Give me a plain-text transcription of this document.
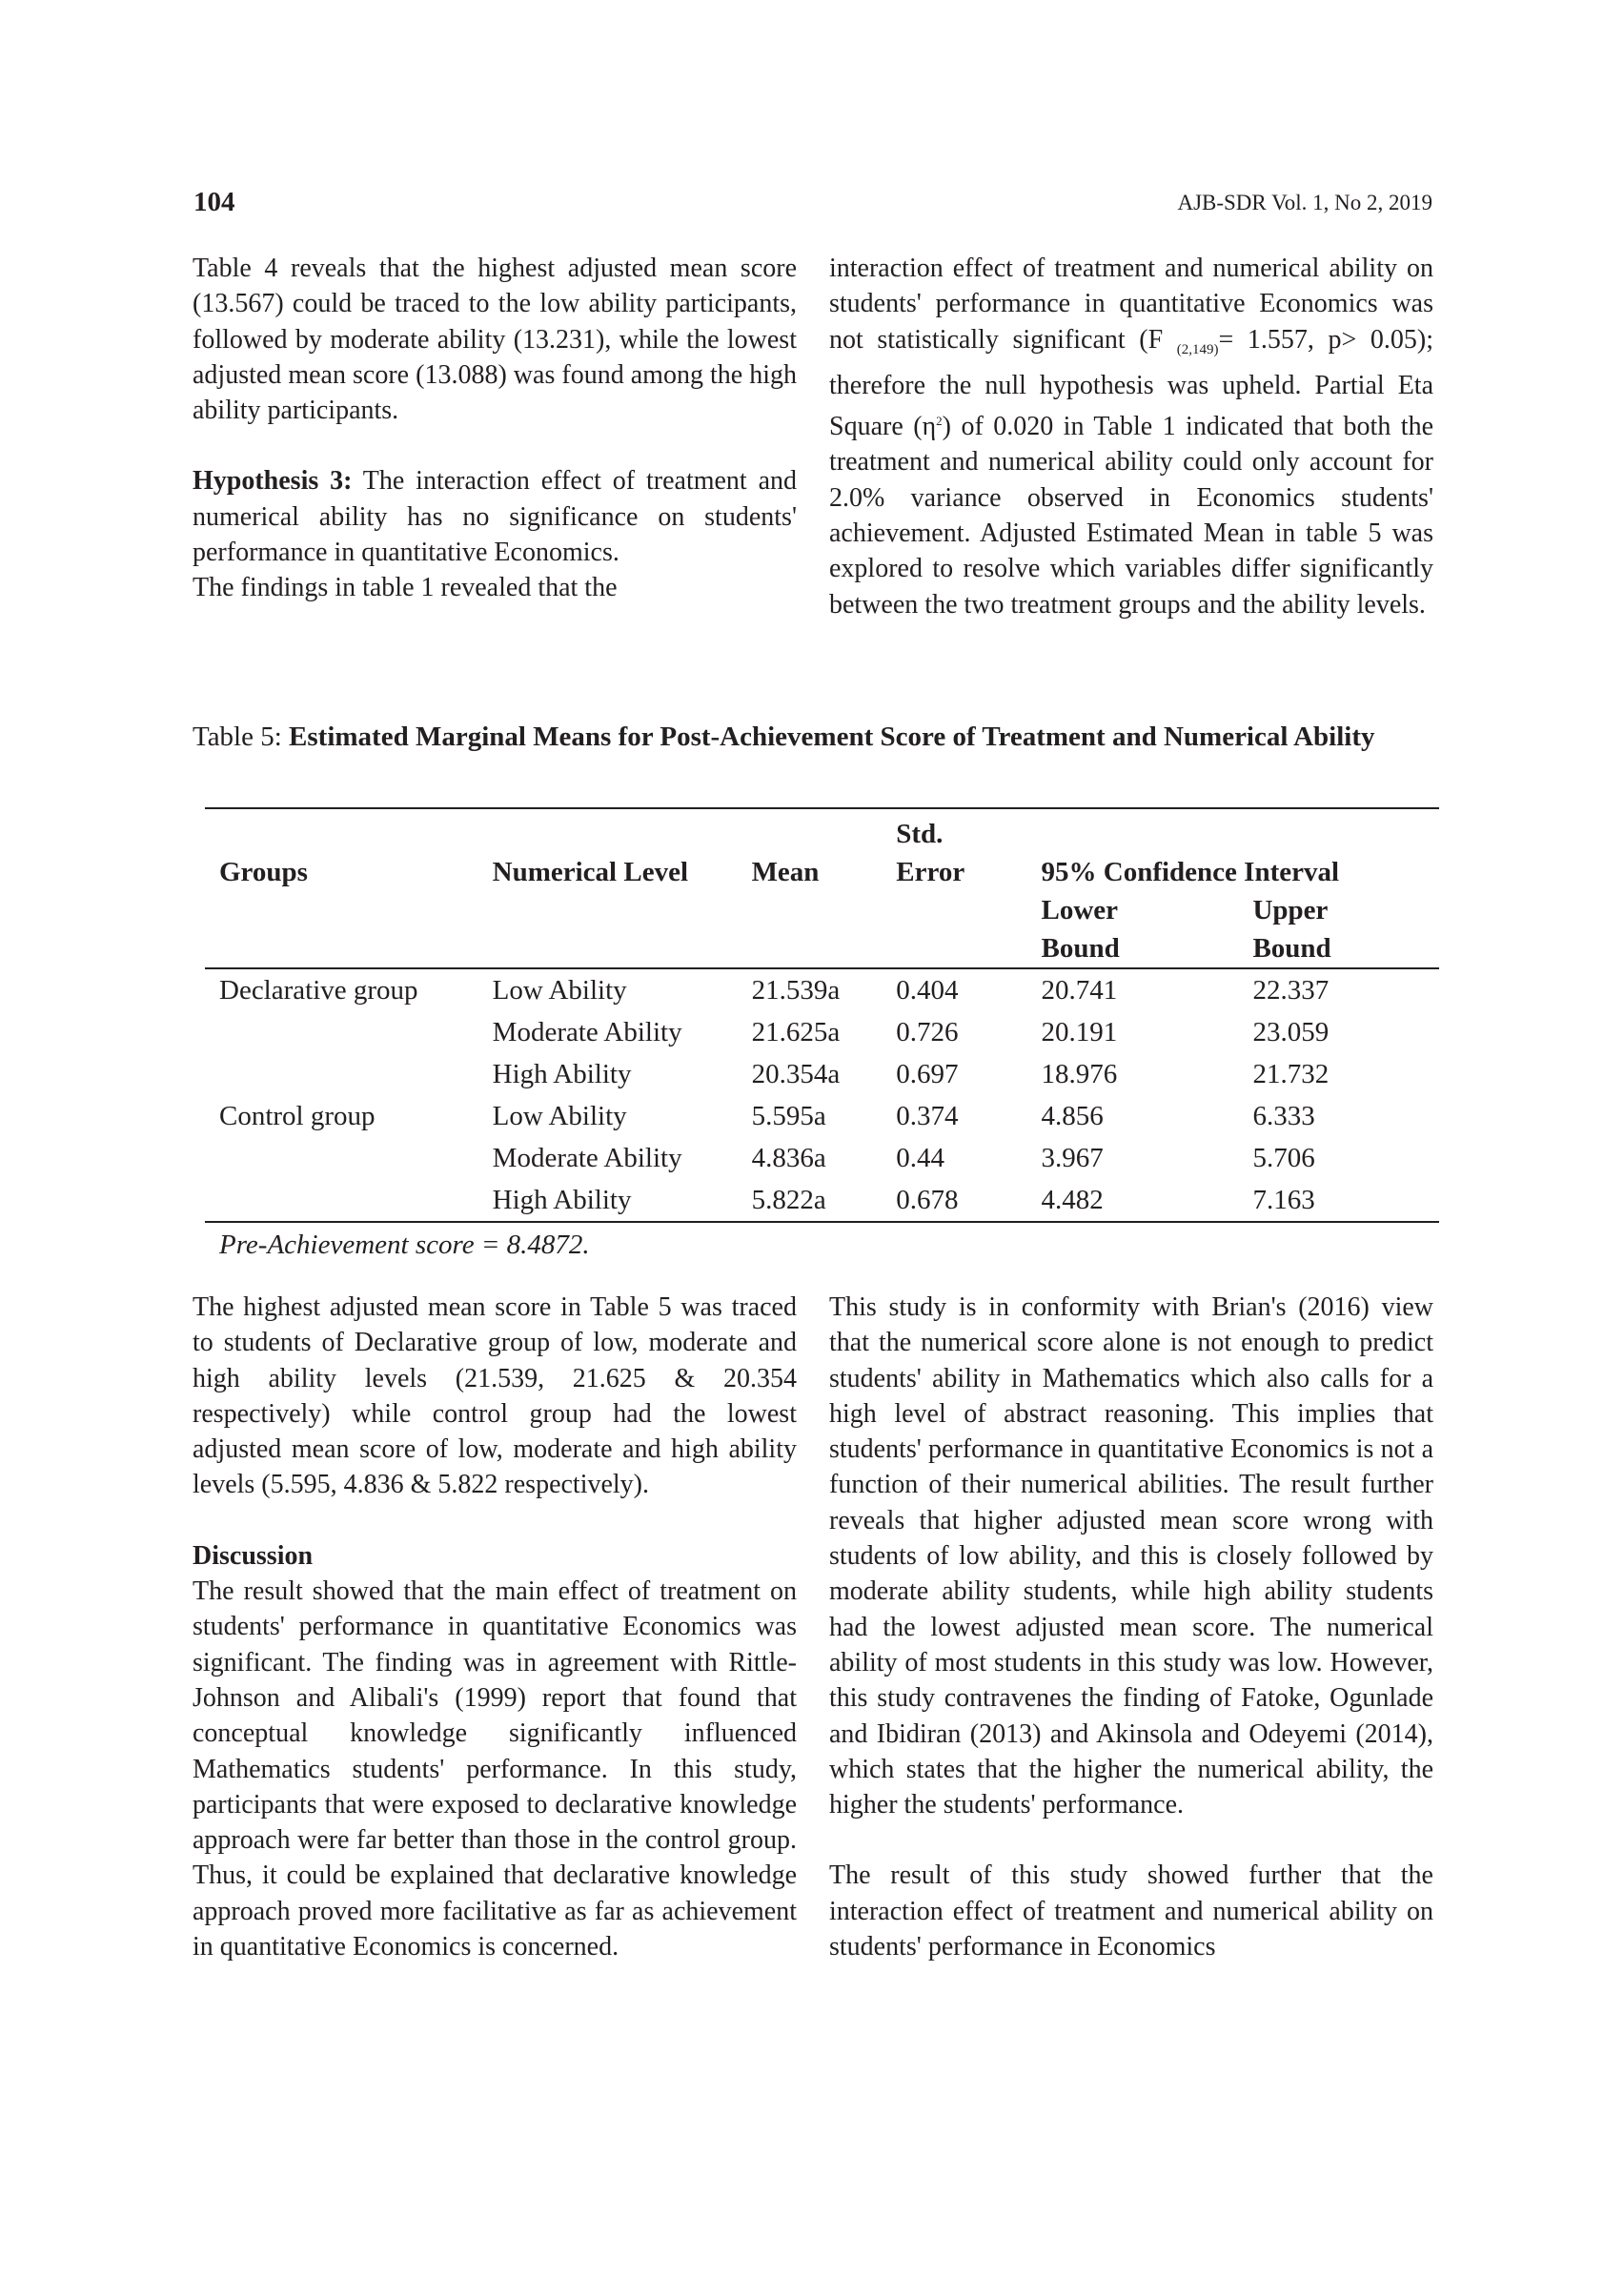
104	AJB-SDR Vol. 1, No 2, 2019

Table 4 reveals that the highest adjusted mean score (13.567) could be traced to the low ability participants, followed by moderate ability (13.231), while the lowest adjusted mean score (13.088) was found among the high ability participants.

Hypothesis 3: The interaction effect of treatment and numerical ability has no significance on students' performance in quantitative Economics.

The findings in table 1 revealed that the

interaction effect of treatment and numerical ability on students' performance in quantitative Economics was not statistically significant (F $_{(2,149)}$= 1.557, p> 0.05); therefore the null hypothesis was upheld. Partial Eta Square $(\eta^2)$ of 0.020 in Table 1 indicated that both the treatment and numerical ability could only account for 2.0% variance observed in Economics students' achievement. Adjusted Estimated Mean in table 5 was explored to resolve which variables differ significantly between the two treatment groups and the ability levels.

Table 5: Estimated Marginal Means for Post-Achievement Score of Treatment and Numerical Ability
			Std.		
Groups	Numerical Level	Mean	Error	95% Confidence Interval	
				Lower	Upper
				Bound	Bound
Declarative group	Low Ability	21.539a	0.404	20.741	22.337
	Moderate Ability	21.625a	0.726	20.191	23.059
	High Ability	20.354a	0.697	18.976	21.732
Control group	Low Ability	5.595a	0.374	4.856	6.333
	Moderate Ability	4.836a	0.44	3.967	5.706
	High Ability	5.822a	0.678	4.482	7.163
Pre-Achievement score = 8.4872.

The highest adjusted mean score in Table 5 was traced to students of Declarative group of low, moderate and high ability levels (21.539, 21.625 & 20.354 respectively) while control group had the lowest adjusted mean score of low, moderate and high ability levels (5.595, 4.836 & 5.822 respectively).

Discussion

The result showed that the main effect of treatment on students' performance in quantitative Economics was significant. The finding was in agreement with Rittle-Johnson and Alibali's (1999) report that found that conceptual knowledge significantly influenced Mathematics students' performance. In this study, participants that were exposed to declarative knowledge approach were far better than those in the control group. Thus, it could be explained that declarative knowledge approach proved more facilitative as far as achievement in quantitative Economics is concerned.

This study is in conformity with Brian's (2016) view that the numerical score alone is not enough to predict students' ability in Mathematics which also calls for a high level of abstract reasoning. This implies that students' performance in quantitative Economics is not a function of their numerical abilities. The result further reveals that higher adjusted mean score wrong with students of low ability, and this is closely followed by moderate ability students, while high ability students had the lowest adjusted mean score. The numerical ability of most students in this study was low. However, this study contravenes the finding of Fatoke, Ogunlade and Ibidiran (2013) and Akinsola and Odeyemi (2014), which states that the higher the numerical ability, the higher the students' performance.

The result of this study showed further that the interaction effect of treatment and numerical ability on students' performance in Economics
